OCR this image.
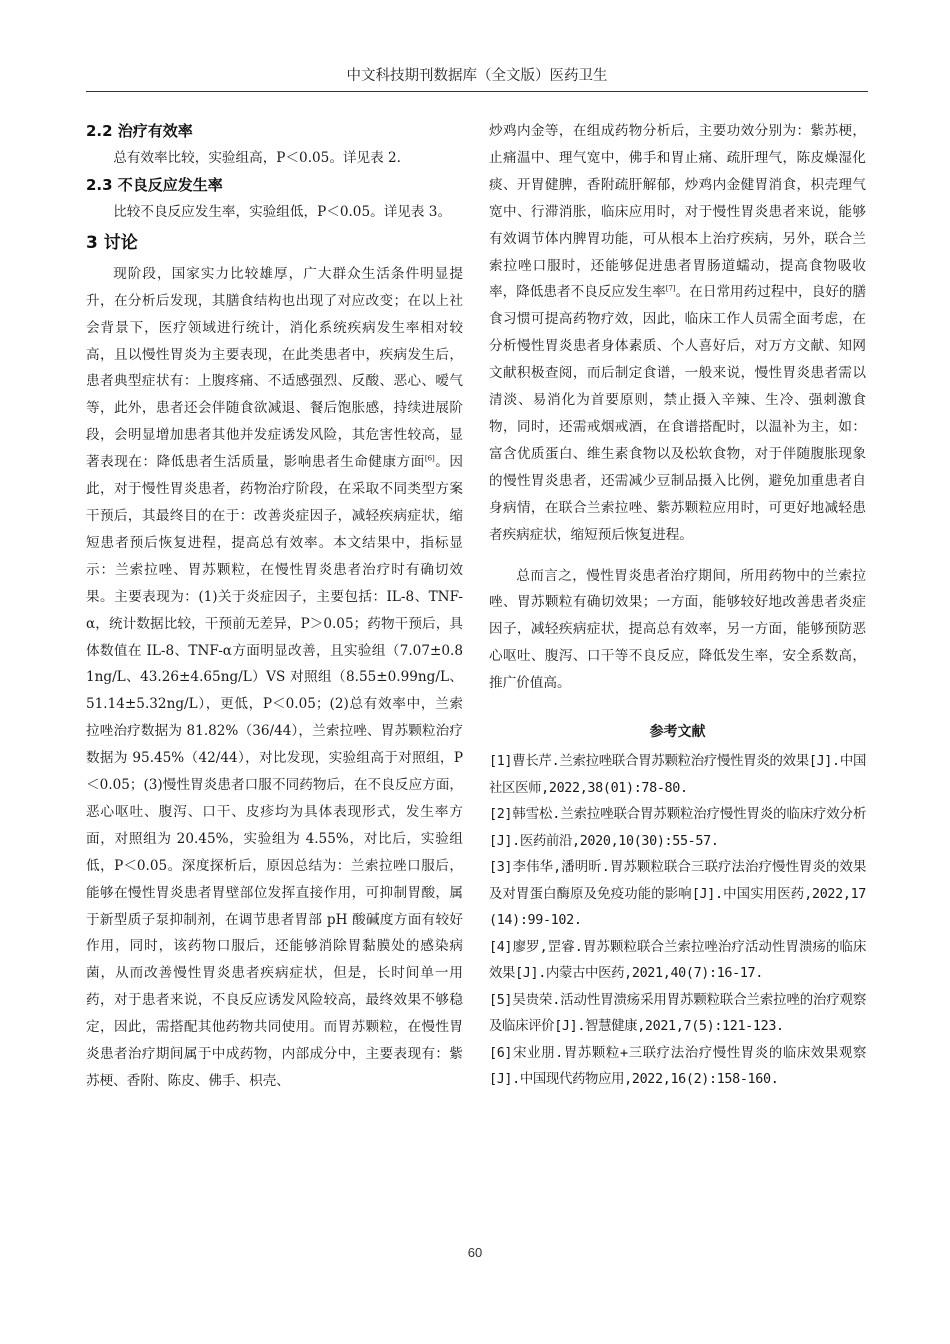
中文科技期刊数据库（全文版）医药卫生
2.2 治疗有效率

总有效率比较，实验组高，P＜0.05。详见表 2.

2.3 不良反应发生率

比较不良反应发生率，实验组低，P＜0.05。详见表 3。

3 讨论

现阶段，国家实力比较雄厚，广大群众生活条件明显提升，在分析后发现，其膳食结构也出现了对应改变；在以上社会背景下，医疗领域进行统计，消化系统疾病发生率相对较高，且以慢性胃炎为主要表现，在此类患者中，疾病发生后，患者典型症状有：上腹疼痛、不适感强烈、反酸、恶心、嗳气等，此外，患者还会伴随食欲减退、餐后饱胀感，持续进展阶段，会明显增加患者其他并发症诱发风险，其危害性较高，显著表现在：降低患者生活质量，影响患者生命健康方面[6]。因此，对于慢性胃炎患者，药物治疗阶段，在采取不同类型方案干预后，其最终目的在于：改善炎症因子，减轻疾病症状，缩短患者预后恢复进程，提高总有效率。本文结果中，指标显示：兰索拉唑、胃苏颗粒，在慢性胃炎患者治疗时有确切效果。主要表现为：(1)关于炎症因子，主要包括：IL-8、TNF-α，统计数据比较，干预前无差异，P＞0.05；药物干预后，具体数值在 IL-8、TNF-α方面明显改善，且实验组（7.07±0.81ng/L、43.26±4.65ng/L）VS 对照组（8.55±0.99ng/L、51.14±5.32ng/L），更低，P＜0.05；(2)总有效率中，兰索拉唑治疗数据为 81.82%（36/44），兰索拉唑、胃苏颗粒治疗数据为 95.45%（42/44），对比发现，实验组高于对照组，P＜0.05；(3)慢性胃炎患者口服不同药物后，在不良反应方面，恶心呕吐、腹泻、口干、皮疹均为具体表现形式，发生率方面，对照组为 20.45%，实验组为 4.55%，对比后，实验组低，P＜0.05。深度探析后，原因总结为：兰索拉唑口服后，能够在慢性胃炎患者胃壁部位发挥直接作用，可抑制胃酸，属于新型质子泵抑制剂，在调节患者胃部 pH 酸碱度方面有较好作用，同时，该药物口服后，还能够消除胃黏膜处的感染病菌，从而改善慢性胃炎患者疾病症状，但是，长时间单一用药，对于患者来说，不良反应诱发风险较高，最终效果不够稳定，因此，需搭配其他药物共同使用。而胃苏颗粒，在慢性胃炎患者治疗期间属于中成药物，内部成分中，主要表现有：紫苏梗、香附、陈皮、佛手、枳壳、

炒鸡内金等，在组成药物分析后，主要功效分别为：紫苏梗，止痛温中、理气宽中，佛手和胃止痛、疏肝理气，陈皮燥湿化痰、开胃健脾，香附疏肝解郁，炒鸡内金健胃消食，枳壳理气宽中、行滞消胀，临床应用时，对于慢性胃炎患者来说，能够有效调节体内脾胃功能，可从根本上治疗疾病，另外，联合兰索拉唑口服时，还能够促进患者胃肠道蠕动，提高食物吸收率，降低患者不良反应发生率[7]。在日常用药过程中，良好的膳食习惯可提高药物疗效，因此，临床工作人员需全面考虑，在分析慢性胃炎患者身体素质、个人喜好后，对万方文献、知网文献积极查阅，而后制定食谱，一般来说，慢性胃炎患者需以清淡、易消化为首要原则，禁止摄入辛辣、生冷、强刺激食物，同时，还需戒烟戒酒，在食谱搭配时，以温补为主，如：富含优质蛋白、维生素食物以及松软食物，对于伴随腹胀现象的慢性胃炎患者，还需减少豆制品摄入比例，避免加重患者自身病情，在联合兰索拉唑、紫苏颗粒应用时，可更好地减轻患者疾病症状，缩短预后恢复进程。

总而言之，慢性胃炎患者治疗期间，所用药物中的兰索拉唑、胃苏颗粒有确切效果；一方面，能够较好地改善患者炎症因子，减轻疾病症状，提高总有效率，另一方面，能够预防恶心呕吐、腹泻、口干等不良反应，降低发生率，安全系数高，推广价值高。

参考文献

[1]曹长芹.兰索拉唑联合胃苏颗粒治疗慢性胃炎的效果[J].中国社区医师,2022,38(01):78-80.

[2]韩雪松.兰索拉唑联合胃苏颗粒治疗慢性胃炎的临床疗效分析[J].医药前沿,2020,10(30):55-57.

[3]李伟华,潘明昕.胃苏颗粒联合三联疗法治疗慢性胃炎的效果及对胃蛋白酶原及免疫功能的影响[J].中国实用医药,2022,17(14):99-102.

[4]廖罗,罡睿.胃苏颗粒联合兰索拉唑治疗活动性胃溃疡的临床效果[J].内蒙古中医药,2021,40(7):16-17.

[5]吴贵荣.活动性胃溃疡采用胃苏颗粒联合兰索拉唑的治疗观察及临床评价[J].智慧健康,2021,7(5):121-123.

[6]宋业朋.胃苏颗粒+三联疗法治疗慢性胃炎的临床效果观察[J].中国现代药物应用,2022,16(2):158-160.

60
